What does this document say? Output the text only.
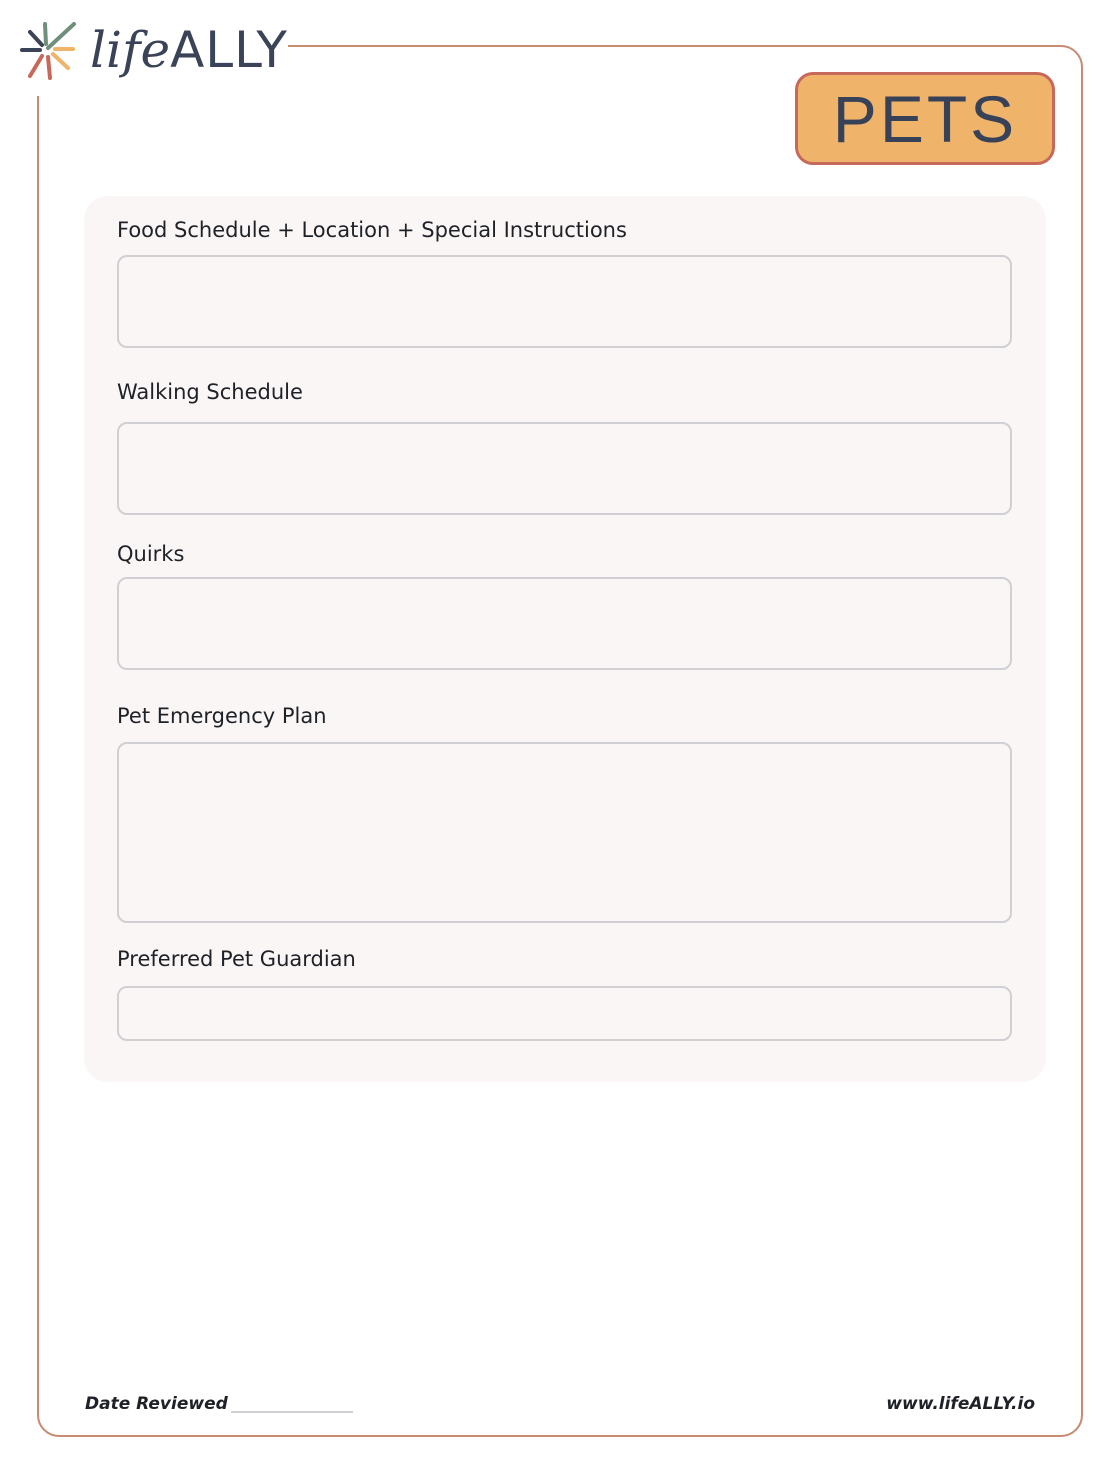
lifeALLY
PETS
Food Schedule + Location + Special Instructions
Walking Schedule
Quirks
Pet Emergency Plan
Preferred Pet Guardian
Date Reviewed	www.lifeALLY.io
